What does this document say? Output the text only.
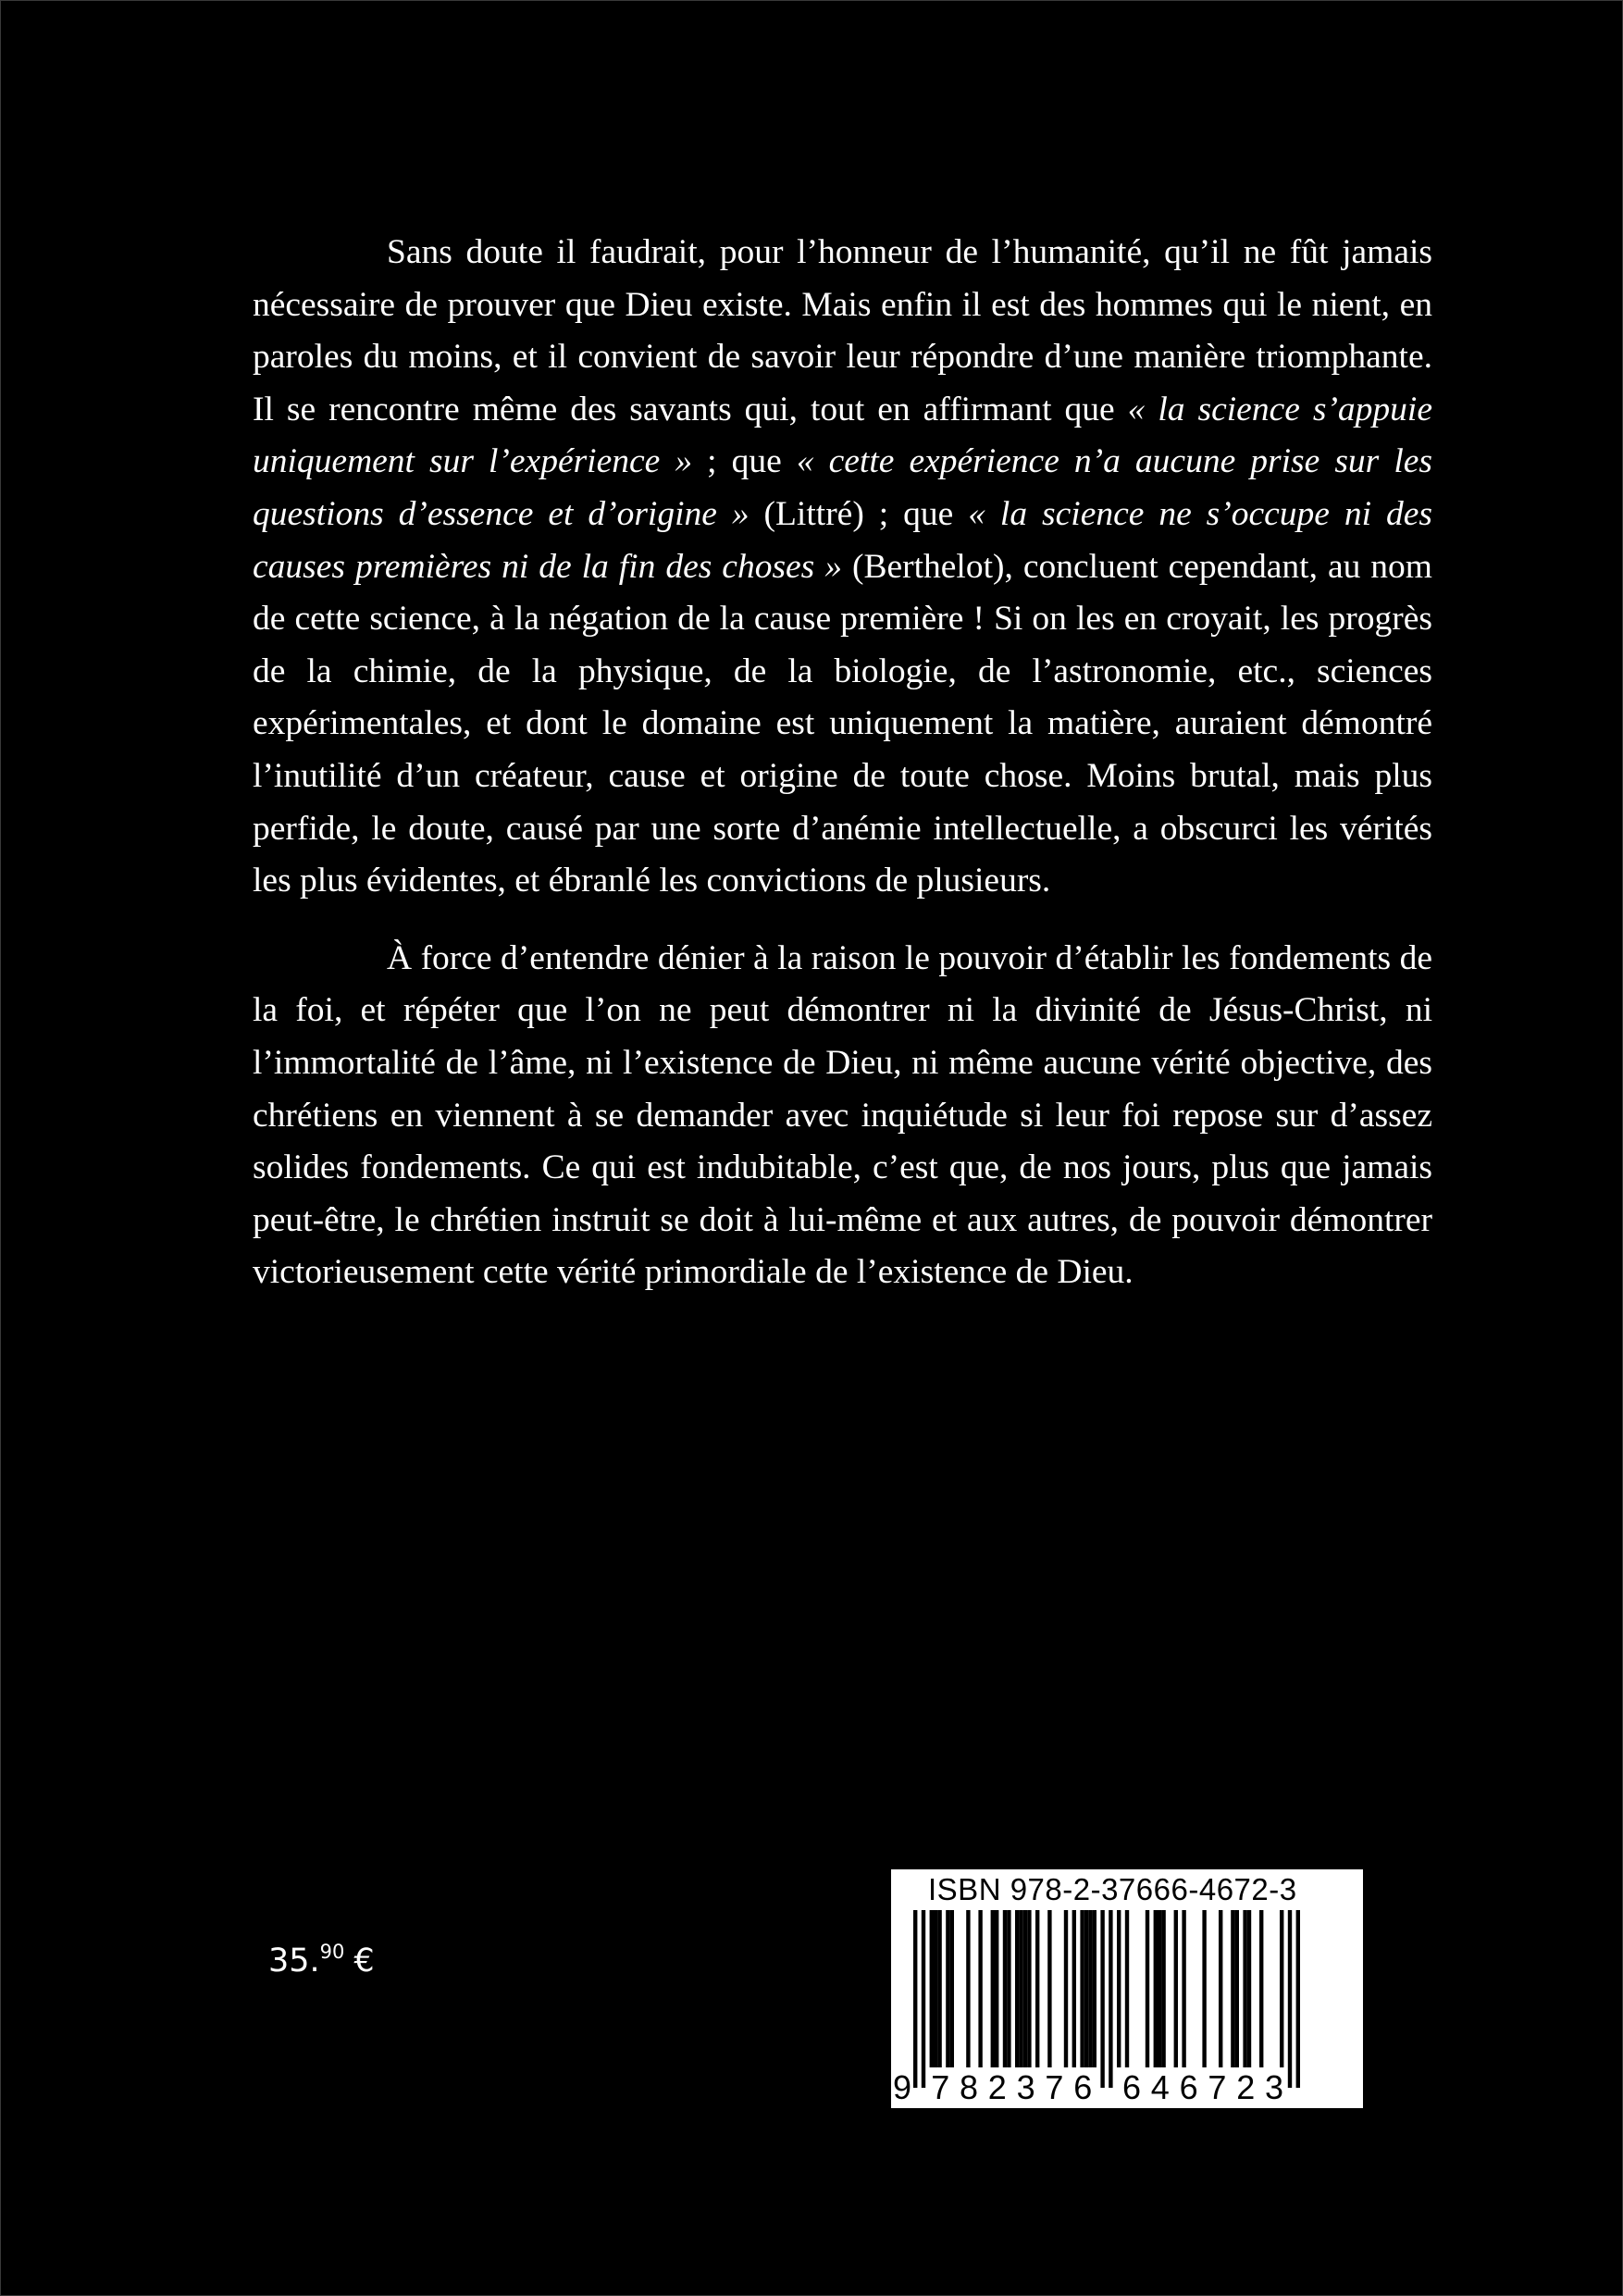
Sans doute il faudrait, pour l’honneur de l’humanité, qu’il ne fût jamais nécessaire de prouver que Dieu existe. Mais enfin il est des hommes qui le nient, en paroles du moins, et il convient de savoir leur répondre d’une manière triomphante. Il se rencontre même des savants qui, tout en affirmant que « la science s’appuie uniquement sur l’expérience » ; que « cette expérience n’a aucune prise sur les questions d’essence et d’origine » (Littré) ; que « la science ne s’occupe ni des causes premières ni de la fin des choses » (Berthelot), concluent cependant, au nom de cette science, à la négation de la cause première ! Si on les en croyait, les progrès de la chimie, de la physique, de la biologie, de l’astronomie, etc., sciences expérimentales, et dont le domaine est uniquement la matière, auraient démontré l’inutilité d’un créateur, cause et origine de toute chose. Moins brutal, mais plus perfide, le doute, causé par une sorte d’anémie intellectuelle, a obscurci les vérités les plus évidentes, et ébranlé les convictions de plusieurs.

À force d’entendre dénier à la raison le pouvoir d’établir les fondements de la foi, et répéter que l’on ne peut démontrer ni la divinité de Jésus-Christ, ni l’immortalité de l’âme, ni l’existence de Dieu, ni même aucune vérité objective, des chrétiens en viennent à se demander avec inquiétude si leur foi repose sur d’assez solides fondements. Ce qui est indubitable, c’est que, de nos jours, plus que jamais peut-être, le chrétien instruit se doit à lui-même et aux autres, de pouvoir démontrer victorieusement cette vérité primordiale de l’existence de Dieu.

35.90 €
ISBN 978-2-37666-4672-3
9 7 8 2 3 7 6 6 4 6 7 2 3
